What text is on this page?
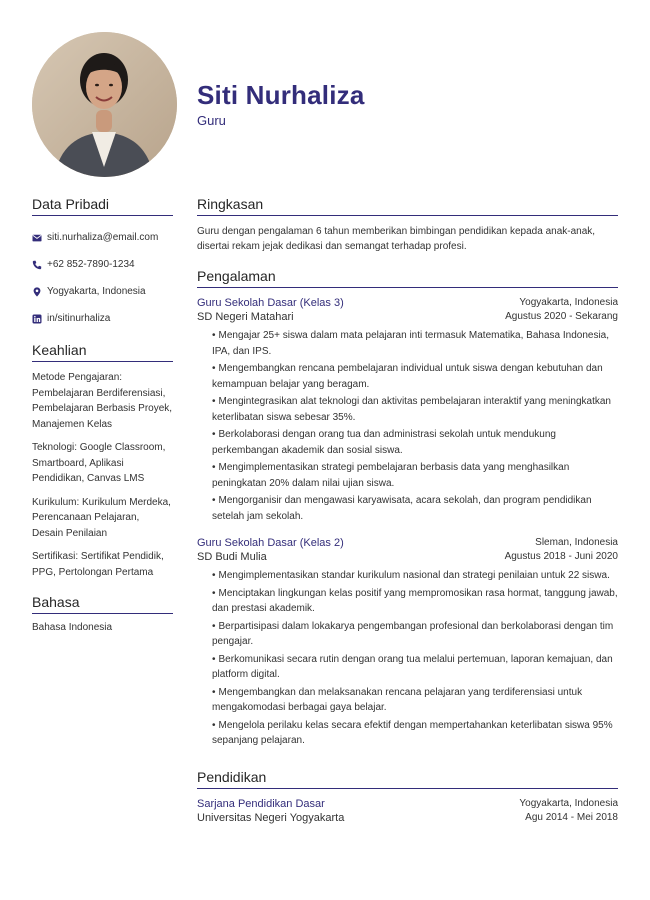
Siti Nurhaliza
Guru
Data Pribadi
siti.nurhaliza@email.com
+62 852-7890-1234
Yogyakarta, Indonesia
in/sitinurhaliza
Keahlian
Metode Pengajaran: Pembelajaran Berdiferensiasi, Pembelajaran Berbasis Proyek, Manajemen Kelas
Teknologi: Google Classroom, Smartboard, Aplikasi Pendidikan, Canvas LMS
Kurikulum: Kurikulum Merdeka, Perencanaan Pelajaran, Desain Penilaian
Sertifikasi: Sertifikat Pendidik, PPG, Pertolongan Pertama
Bahasa
Bahasa Indonesia
Ringkasan
Guru dengan pengalaman 6 tahun memberikan bimbingan pendidikan kepada anak-anak, disertai rekam jejak dedikasi dan semangat terhadap profesi.
Pengalaman
Guru Sekolah Dasar (Kelas 3)	Yogyakarta, Indonesia
SD Negeri Matahari	Agustus 2020 - Sekarang
• Mengajar 25+ siswa dalam mata pelajaran inti termasuk Matematika, Bahasa Indonesia, IPA, dan IPS.
• Mengembangkan rencana pembelajaran individual untuk siswa dengan kebutuhan dan kemampuan belajar yang beragam.
• Mengintegrasikan alat teknologi dan aktivitas pembelajaran interaktif yang meningkatkan keterlibatan siswa sebesar 35%.
• Berkolaborasi dengan orang tua dan administrasi sekolah untuk mendukung perkembangan akademik dan sosial siswa.
• Mengimplementasikan strategi pembelajaran berbasis data yang menghasilkan peningkatan 20% dalam nilai ujian siswa.
• Mengorganisir dan mengawasi karyawisata, acara sekolah, dan program pendidikan setelah jam sekolah.
Guru Sekolah Dasar (Kelas 2)	Sleman, Indonesia
SD Budi Mulia	Agustus 2018 - Juni 2020
• Mengimplementasikan standar kurikulum nasional dan strategi penilaian untuk 22 siswa.
• Menciptakan lingkungan kelas positif yang mempromosikan rasa hormat, tanggung jawab, dan prestasi akademik.
• Berpartisipasi dalam lokakarya pengembangan profesional dan berkolaborasi dengan tim pengajar.
• Berkomunikasi secara rutin dengan orang tua melalui pertemuan, laporan kemajuan, dan platform digital.
• Mengembangkan dan melaksanakan rencana pelajaran yang terdiferensiasi untuk mengakomodasi berbagai gaya belajar.
• Mengelola perilaku kelas secara efektif dengan mempertahankan keterlibatan siswa 95% sepanjang pelajaran.
Pendidikan
Sarjana Pendidikan Dasar	Yogyakarta, Indonesia
Universitas Negeri Yogyakarta	Agu 2014 - Mei 2018
